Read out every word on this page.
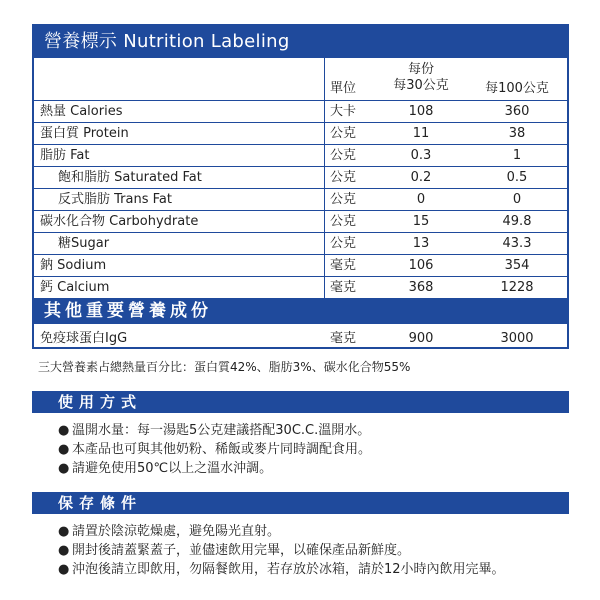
營養標示 Nutrition Labeling
單位
每份
每30公克	每100公克
熱量 Calories	大卡	108	360
蛋白質 Protein	公克	11	38
脂肪 Fat	公克	0.3	1
飽和脂肪 Saturated Fat	公克	0.2	0.5
反式脂肪 Trans Fat	公克	0	0
碳水化合物 Carbohydrate	公克	15	49.8
糖Sugar	公克	13	43.3
鈉 Sodium	毫克	106	354
鈣 Calcium	毫克	368	1228
其他重要營養成份
免疫球蛋白IgG	毫克	900	3000
三大營養素占總熱量百分比：蛋白質42%、脂肪3%、碳水化合物55%
使用方式
● 溫開水量：每一湯匙5公克建議搭配30C.C.溫開水。
● 本產品也可與其他奶粉、稀飯或麥片同時調配食用。
● 請避免使用50℃以上之溫水沖調。
保存條件
● 請置於陰涼乾燥處，避免陽光直射。
● 開封後請蓋緊蓋子，並儘速飲用完畢，以確保產品新鮮度。
● 沖泡後請立即飲用，勿隔餐飲用，若存放於冰箱，請於12小時內飲用完畢。
